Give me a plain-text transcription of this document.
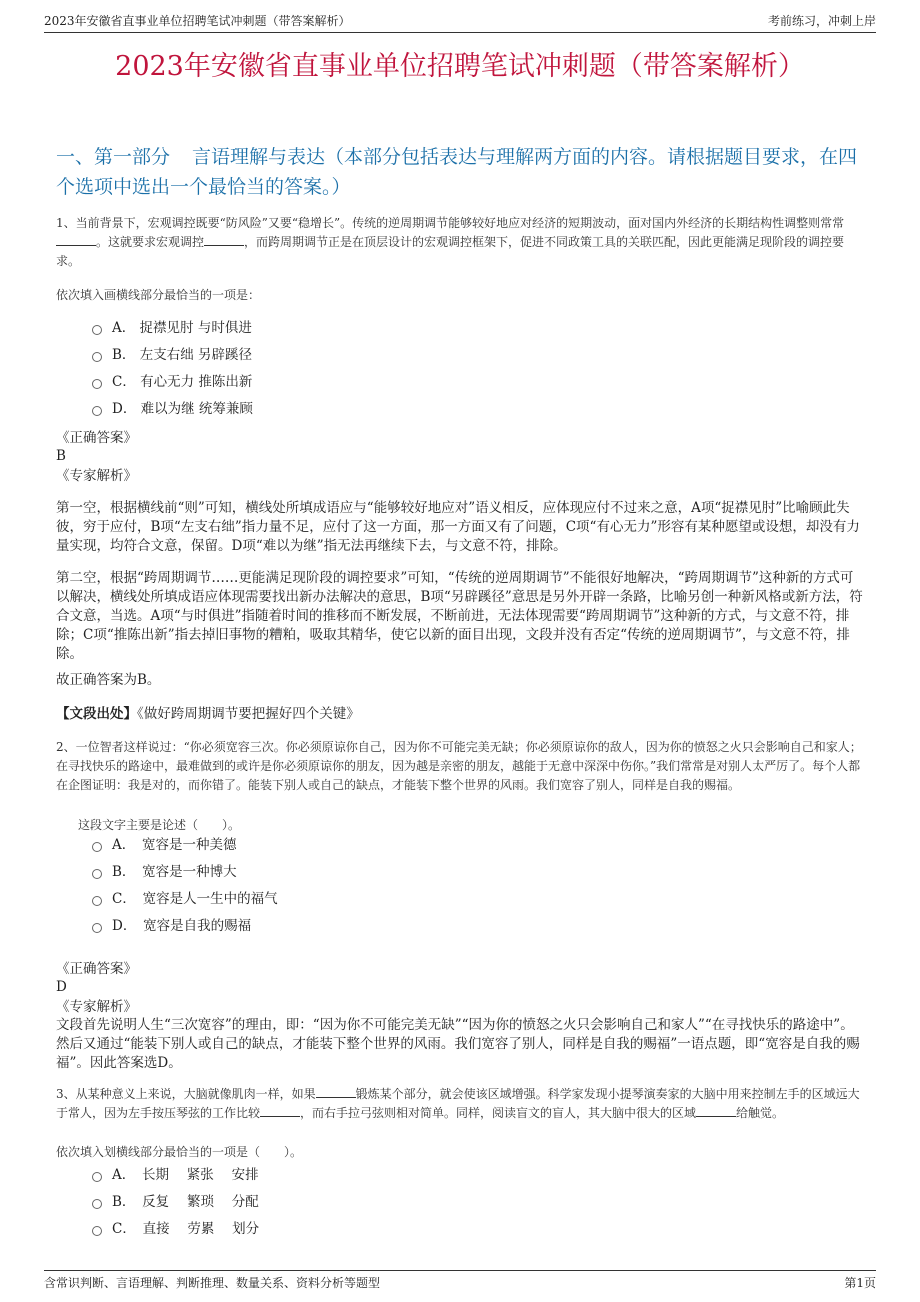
2023年安徽省直事业单位招聘笔试冲刺题（带答案解析）	考前练习，冲刺上岸
2023年安徽省直事业单位招聘笔试冲刺题（带答案解析）
一、第一部分 言语理解与表达（本部分包括表达与理解两方面的内容。请根据题目要求，在四个选项中选出一个最恰当的答案。）
1、当前背景下，宏观调控既要“防风险”又要“稳增长”。传统的逆周期调节能够较好地应对经济的短期波动，面对国内外经济的长期结构性调整则常常。这就要求宏观调控	，而跨周期调节正是在顶层设计的宏观调控框架下，促进不同政策工具的关联匹配，因此更能满足现阶段的调控要求。
依次填入画横线部分最恰当的一项是：
A． 捉襟见肘 与时俱进
B． 左支右绌 另辟蹊径
C． 有心无力 推陈出新
D． 难以为继 统筹兼顾
《正确答案》
B
《专家解析》
第一空，根据横线前“则”可知，横线处所填成语应与“能够较好地应对”语义相反，应体现应付不过来之意，A项“捉襟见肘”比喻顾此失彼，穷于应付，B项“左支右绌”指力量不足，应付了这一方面，那一方面又有了问题，C项“有心无力”形容有某种愿望或设想，却没有力量实现，均符合文意，保留。D项“难以为继”指无法再继续下去，与文意不符，排除。
第二空，根据“跨周期调节……更能满足现阶段的调控要求”可知，“传统的逆周期调节”不能很好地解决，“跨周期调节”这种新的方式可以解决，横线处所填成语应体现需要找出新办法解决的意思，B项“另辟蹊径”意思是另外开辟一条路，比喻另创一种新风格或新方法，符合文意，当选。A项“与时俱进”指随着时间的推移而不断发展，不断前进，无法体现需要“跨周期调节”这种新的方式，与文意不符，排除；C项“推陈出新”指去掉旧事物的糟粕，吸取其精华，使它以新的面目出现，文段并没有否定“传统的逆周期调节”，与文意不符，排除。
故正确答案为B。
【文段出处】《做好跨周期调节要把握好四个关键》
2、一位智者这样说过：“你必须宽容三次。你必须原谅你自己，因为你不可能完美无缺；你必须原谅你的敌人，因为你的愤怒之火只会影响自己和家人；在寻找快乐的路途中，最难做到的或许是你必须原谅你的朋友，因为越是亲密的朋友，越能于无意中深深中伤你。”我们常常是对别人太严厉了。每个人都在企图证明：我是对的，而你错了。能装下别人或自己的缺点，才能装下整个世界的风雨。我们宽容了别人，同样是自我的赐福。
这段文字主要是论述（　　）。
A．　宽容是一种美德
B．　宽容是一种博大
C．　宽容是人一生中的福气
D．　宽容是自我的赐福
《正确答案》
D
《专家解析》
文段首先说明人生“三次宽容”的理由，即：“因为你不可能完美无缺”“因为你的愤怒之火只会影响自己和家人”“在寻找快乐的路途中”。然后又通过“能装下别人或自己的缺点，才能装下整个世界的风雨。我们宽容了别人，同样是自我的赐福”一语点题，即“宽容是自我的赐福”。因此答案选D。
3、从某种意义上来说，大脑就像肌肉一样，如果	锻炼某个部分，就会使该区域增强。科学家发现小提琴演奏家的大脑中用来控制左手的区域远大于常人，因为左手按压琴弦的工作比较	，而右手拉弓弦则相对简单。同样，阅读盲文的盲人，其大脑中很大的区域	给触觉。
依次填入划横线部分最恰当的一项是（　　）。
A．　长期　 紧张　 安排
B．　反复　 繁琐　 分配
C．　直接　 劳累　 划分
含常识判断、言语理解、判断推理、数量关系、资料分析等题型	第1页
